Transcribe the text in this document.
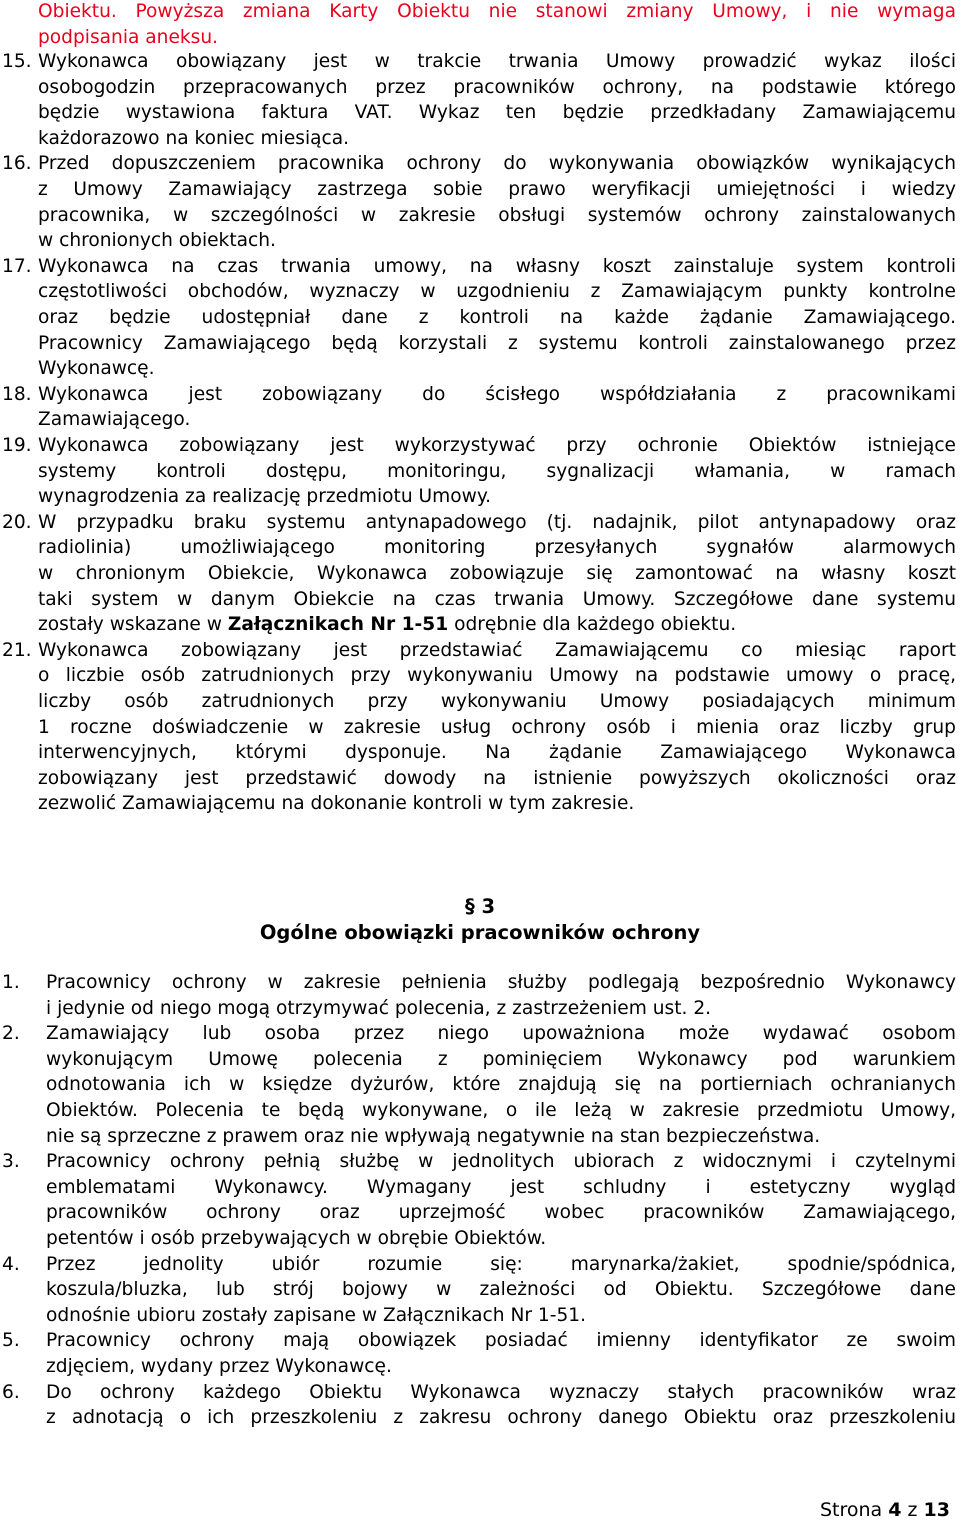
Obiektu. Powyższa zmiana Karty Obiektu nie stanowi zmiany Umowy, i nie wymaga
podpisania aneksu.
15. Wykonawca obowiązany jest w trakcie trwania Umowy prowadzić wykaz ilości
osobogodzin przepracowanych przez pracowników ochrony, na podstawie którego
będzie wystawiona faktura VAT. Wykaz ten będzie przedkładany Zamawiającemu
każdorazowo na koniec miesiąca.
16. Przed dopuszczeniem pracownika ochrony do wykonywania obowiązków wynikających
z Umowy Zamawiający zastrzega sobie prawo weryfikacji umiejętności i wiedzy
pracownika, w szczególności w zakresie obsługi systemów ochrony zainstalowanych
w chronionych obiektach.
17. Wykonawca na czas trwania umowy, na własny koszt zainstaluje system kontroli
częstotliwości obchodów, wyznaczy w uzgodnieniu z Zamawiającym punkty kontrolne
oraz będzie udostępniał dane z kontroli na każde żądanie Zamawiającego.
Pracownicy Zamawiającego będą korzystali z systemu kontroli zainstalowanego przez
Wykonawcę.
18. Wykonawca jest zobowiązany do ścisłego współdziałania z pracownikami
Zamawiającego.
19. Wykonawca zobowiązany jest wykorzystywać przy ochronie Obiektów istniejące
systemy kontroli dostępu, monitoringu, sygnalizacji włamania, w ramach
wynagrodzenia za realizację przedmiotu Umowy.
20. W przypadku braku systemu antynapadowego (tj. nadajnik, pilot antynapadowy oraz
radiolinia) umożliwiającego monitoring przesyłanych sygnałów alarmowych
w chronionym Obiekcie, Wykonawca zobowiązuje się zamontować na własny koszt
taki system w danym Obiekcie na czas trwania Umowy. Szczegółowe dane systemu
zostały wskazane w Załącznikach Nr 1-51 odrębnie dla każdego obiektu.
21. Wykonawca zobowiązany jest przedstawiać Zamawiającemu co miesiąc raport
o liczbie osób zatrudnionych przy wykonywaniu Umowy na podstawie umowy o pracę,
liczby osób zatrudnionych przy wykonywaniu Umowy posiadających minimum
1 roczne doświadczenie w zakresie usług ochrony osób i mienia oraz liczby grup
interwencyjnych, którymi dysponuje. Na żądanie Zamawiającego Wykonawca
zobowiązany jest przedstawić dowody na istnienie powyższych okoliczności oraz
zezwolić Zamawiającemu na dokonanie kontroli w tym zakresie.
§ 3
Ogólne obowiązki pracowników ochrony
1. Pracownicy ochrony w zakresie pełnienia służby podlegają bezpośrednio Wykonawcy
i jedynie od niego mogą otrzymywać polecenia, z zastrzeżeniem ust. 2.
2. Zamawiający lub osoba przez niego upoważniona może wydawać osobom
wykonującym Umowę polecenia z pominięciem Wykonawcy pod warunkiem
odnotowania ich w księdze dyżurów, które znajdują się na portierniach ochranianych
Obiektów. Polecenia te będą wykonywane, o ile leżą w zakresie przedmiotu Umowy,
nie są sprzeczne z prawem oraz nie wpływają negatywnie na stan bezpieczeństwa.
3. Pracownicy ochrony pełnią służbę w jednolitych ubiorach z widocznymi i czytelnymi
emblematami Wykonawcy. Wymagany jest schludny i estetyczny wygląd
pracowników ochrony oraz uprzejmość wobec pracowników Zamawiającego,
petentów i osób przebywających w obrębie Obiektów.
4. Przez jednolity ubiór rozumie się: marynarka/żakiet, spodnie/spódnica,
koszula/bluzka, lub strój bojowy w zależności od Obiektu. Szczegółowe dane
odnośnie ubioru zostały zapisane w Załącznikach Nr 1-51.
5. Pracownicy ochrony mają obowiązek posiadać imienny identyfikator ze swoim
zdjęciem, wydany przez Wykonawcę.
6. Do ochrony każdego Obiektu Wykonawca wyznaczy stałych pracowników wraz
z adnotacją o ich przeszkoleniu z zakresu ochrony danego Obiektu oraz przeszkoleniu
Strona 4 z 13
